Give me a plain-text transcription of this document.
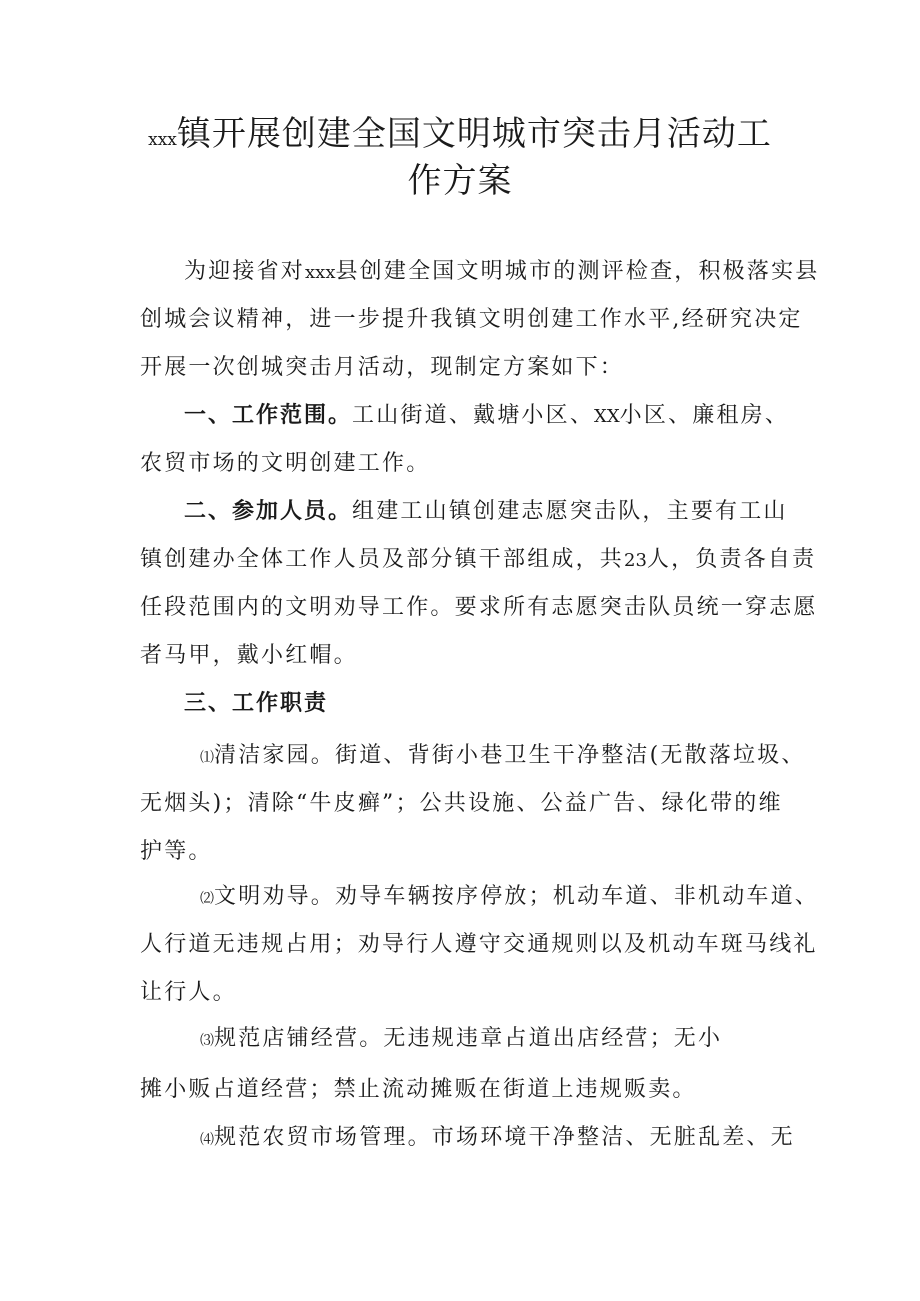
xxx镇开展创建全国文明城市突击月活动工
作方案

为迎接省对xxx县创建全国文明城市的测评检查，积极落实县

创城会议精神，进一步提升我镇文明创建工作水平,经研究决定

开展一次创城突击月活动，现制定方案如下：

一、工作范围。工山街道、戴塘小区、XX小区、廉租房、

农贸市场的文明创建工作。

二、参加人员。组建工山镇创建志愿突击队，主要有工山

镇创建办全体工作人员及部分镇干部组成，共23人，负责各自责

任段范围内的文明劝导工作。要求所有志愿突击队员统一穿志愿

者马甲，戴小红帽。

三、工作职责

⑴清洁家园。街道、背街小巷卫生干净整洁(无散落垃圾、

无烟头)；清除“牛皮癣”；公共设施、公益广告、绿化带的维

护等。

⑵文明劝导。劝导车辆按序停放；机动车道、非机动车道、

人行道无违规占用；劝导行人遵守交通规则以及机动车斑马线礼

让行人。

⑶规范店铺经营。无违规违章占道出店经营；无小

摊小贩占道经营；禁止流动摊贩在街道上违规贩卖。

⑷规范农贸市场管理。市场环境干净整洁、无脏乱差、无
